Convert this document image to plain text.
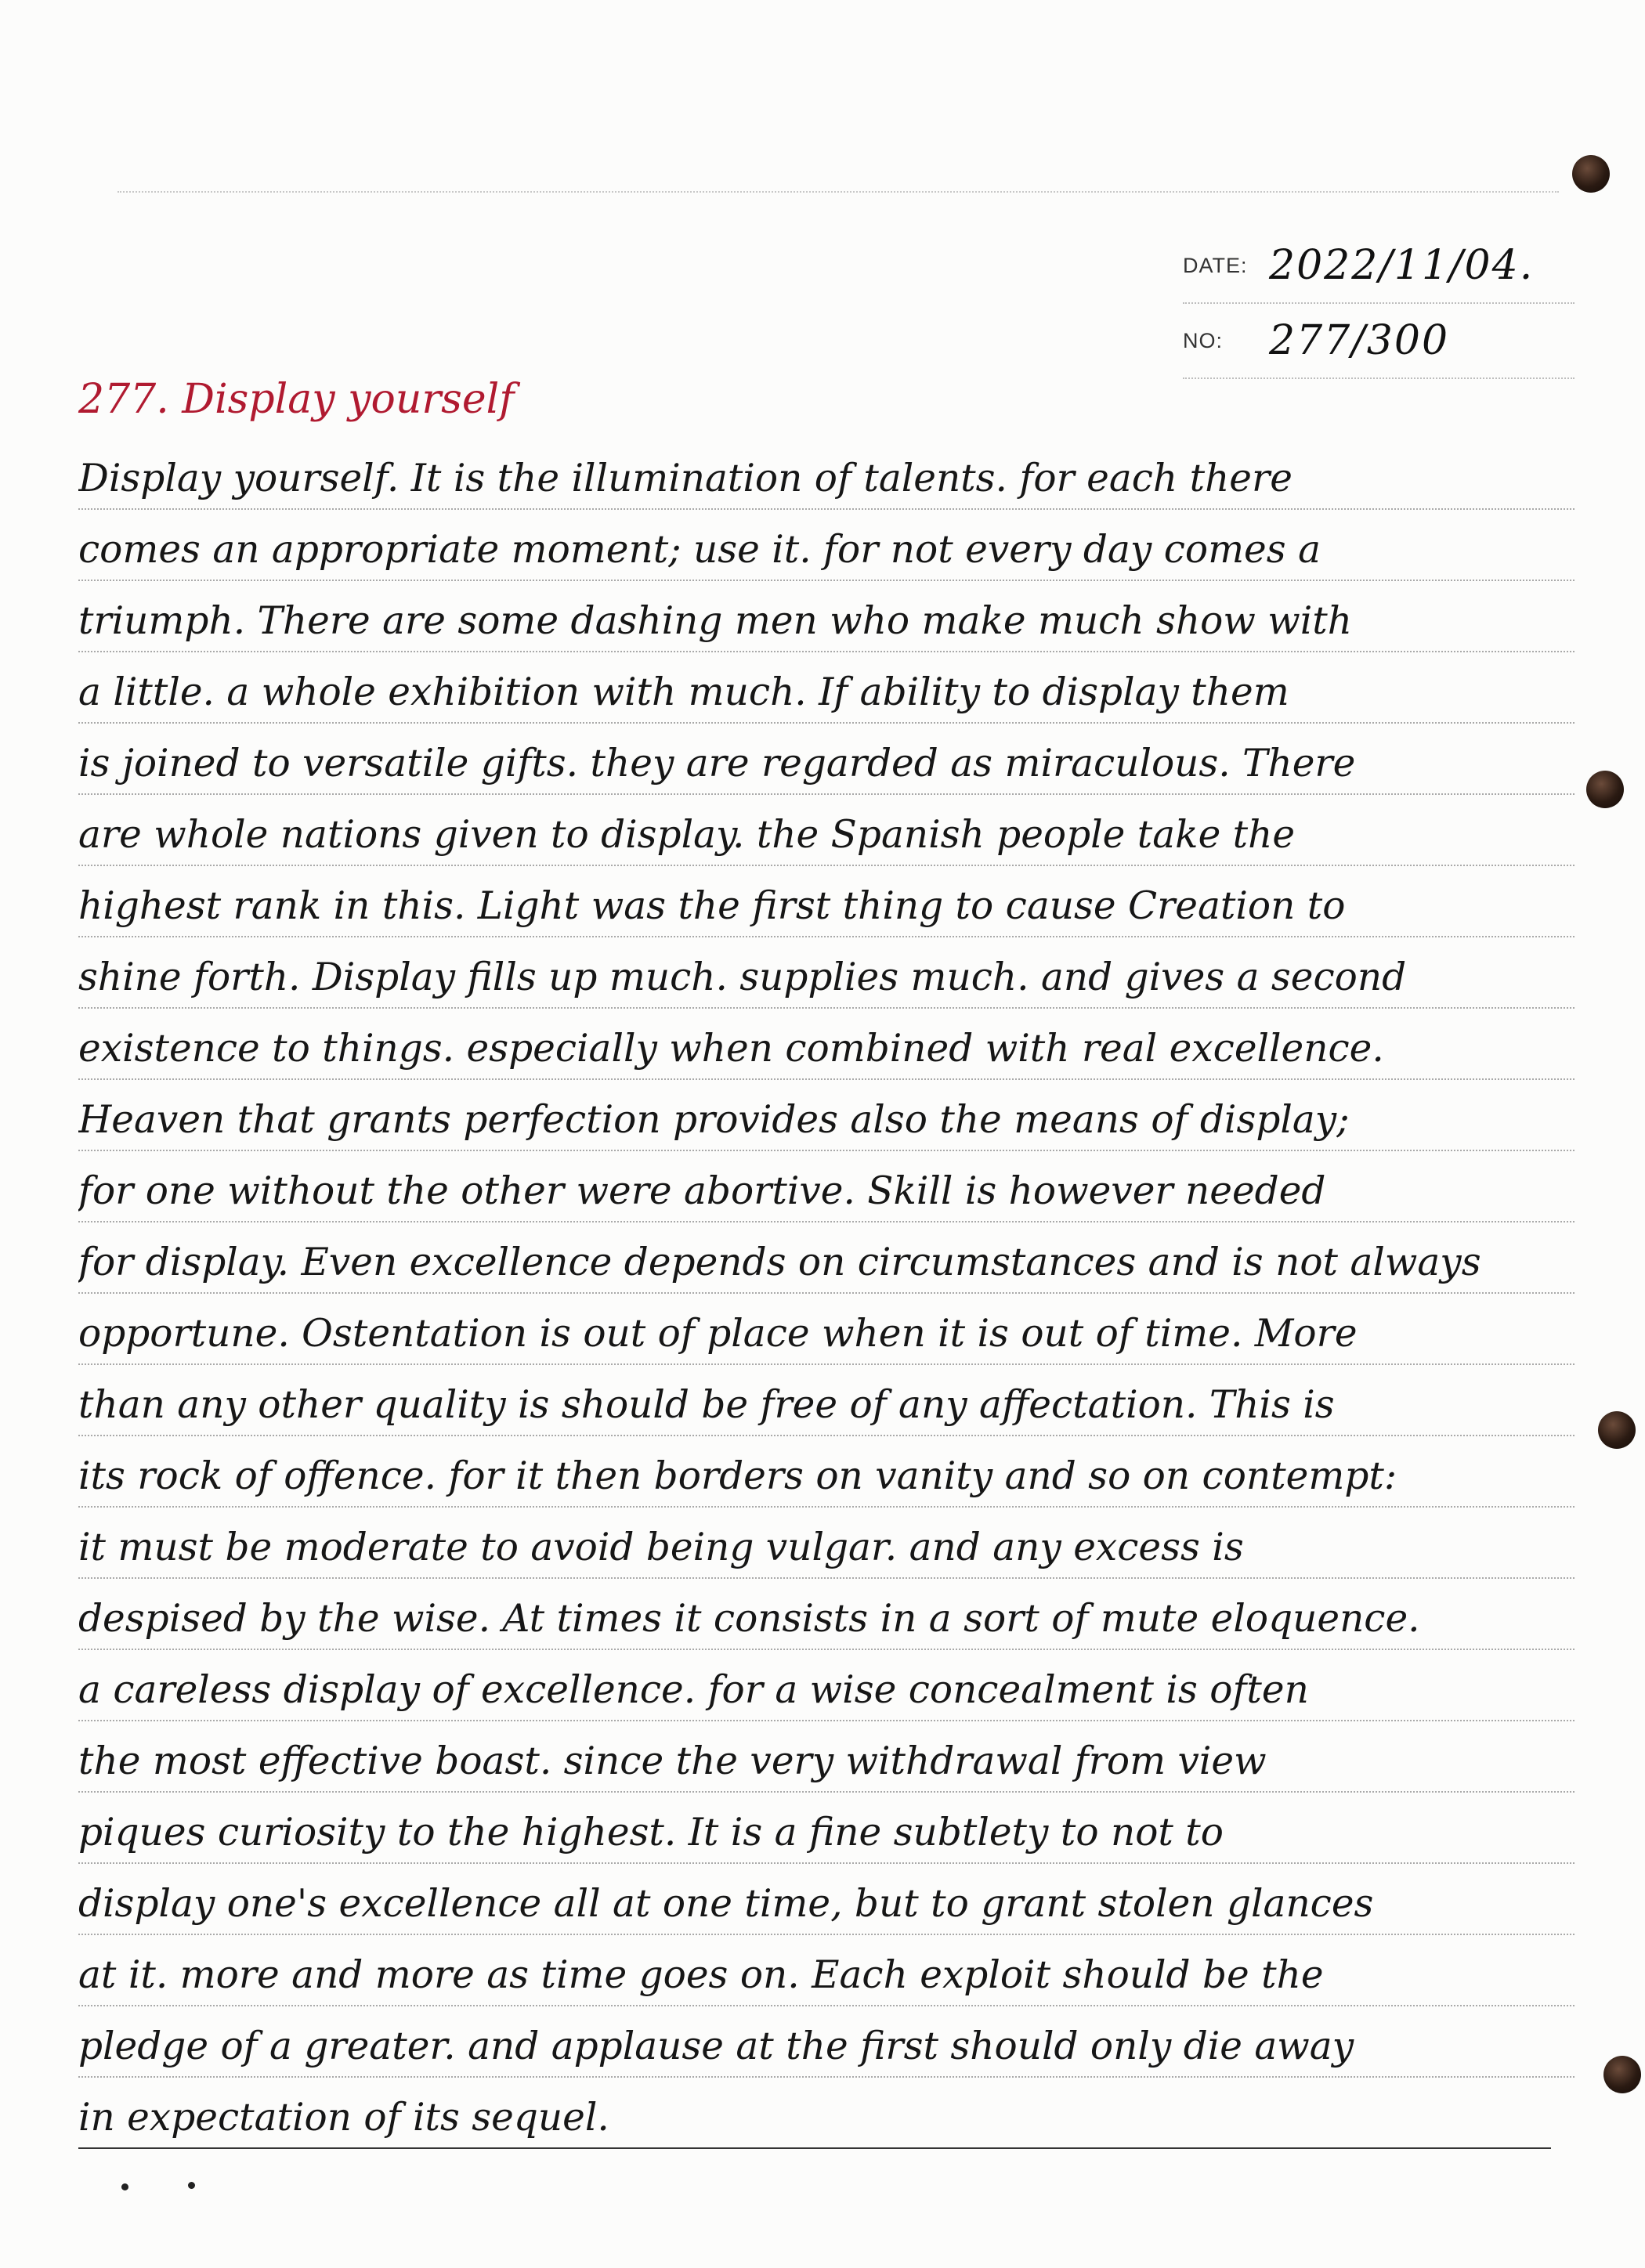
DATE: 2022/11/04.
NO:	277/300
277. Display yourself
Display yourself. It is the illumination of talents. for each there
comes an appropriate moment; use it. for not every day comes a
triumph. There are some dashing men who make much show with
a little. a whole exhibition with much. If ability to display them
is joined to versatile gifts. they are regarded as miraculous. There
are whole nations given to display. the Spanish people take the
highest rank in this. Light was the first thing to cause Creation to
shine forth. Display fills up much. supplies much. and gives a second
existence to things. especially when combined with real excellence.
Heaven that grants perfection provides also the means of display;
for one without the other were abortive. Skill is however needed
for display. Even excellence depends on circumstances and is not always
opportune. Ostentation is out of place when it is out of time. More
than any other quality is should be free of any affectation. This is
its rock of offence. for it then borders on vanity and so on contempt:
it must be moderate to avoid being vulgar. and any excess is
despised by the wise. At times it consists in a sort of mute eloquence.
a careless display of excellence. for a wise concealment is often
the most effective boast. since the very withdrawal from view
piques curiosity to the highest. It is a fine subtlety to not to
display one's excellence all at one time, but to grant stolen glances
at it. more and more as time goes on. Each exploit should be the
pledge of a greater. and applause at the first should only die away
in expectation of its sequel.
